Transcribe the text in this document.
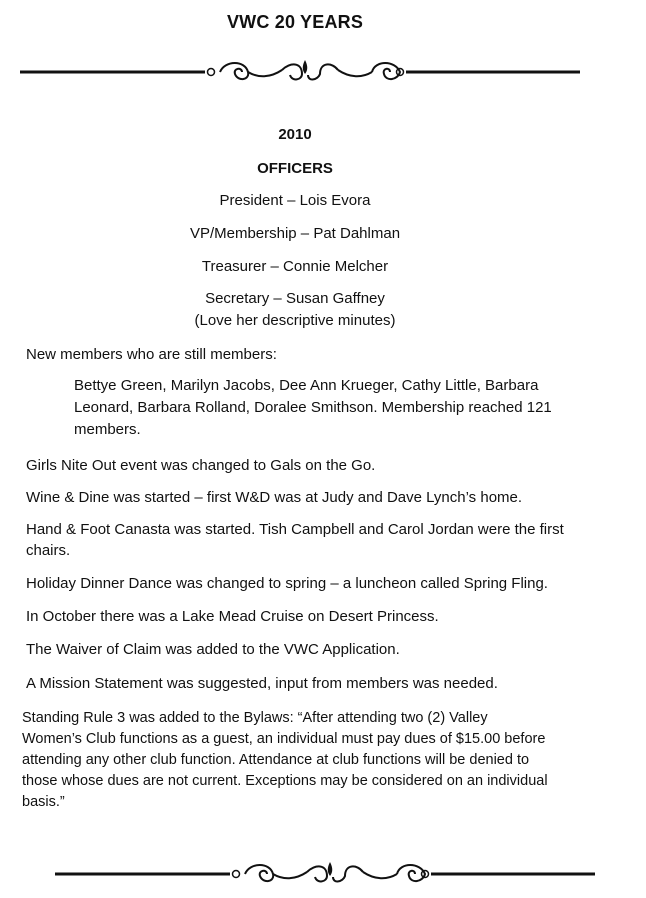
VWC 20 YEARS
2010
OFFICERS
President – Lois Evora
VP/Membership – Pat Dahlman
Treasurer – Connie Melcher
Secretary – Susan Gaffney
(Love her descriptive minutes)
New members who are still members:
Bettye Green, Marilyn Jacobs, Dee Ann Krueger, Cathy Little, Barbara
Leonard, Barbara Rolland, Doralee Smithson. Membership reached 121
members.
Girls Nite Out event was changed to Gals on the Go.
Wine & Dine was started – first W&D was at Judy and Dave Lynch’s home.
Hand & Foot Canasta was started. Tish Campbell and Carol Jordan were the first
chairs.
Holiday Dinner Dance was changed to spring – a luncheon called Spring Fling.
In October there was a Lake Mead Cruise on Desert Princess.
The Waiver of Claim was added to the VWC Application.
A Mission Statement was suggested, input from members was needed.
Standing Rule 3 was added to the Bylaws: “After attending two (2) Valley
Women’s Club functions as a guest, an individual must pay dues of $15.00 before
attending any other club function. Attendance at club functions will be denied to
those whose dues are not current. Exceptions may be considered on an individual
basis.”
